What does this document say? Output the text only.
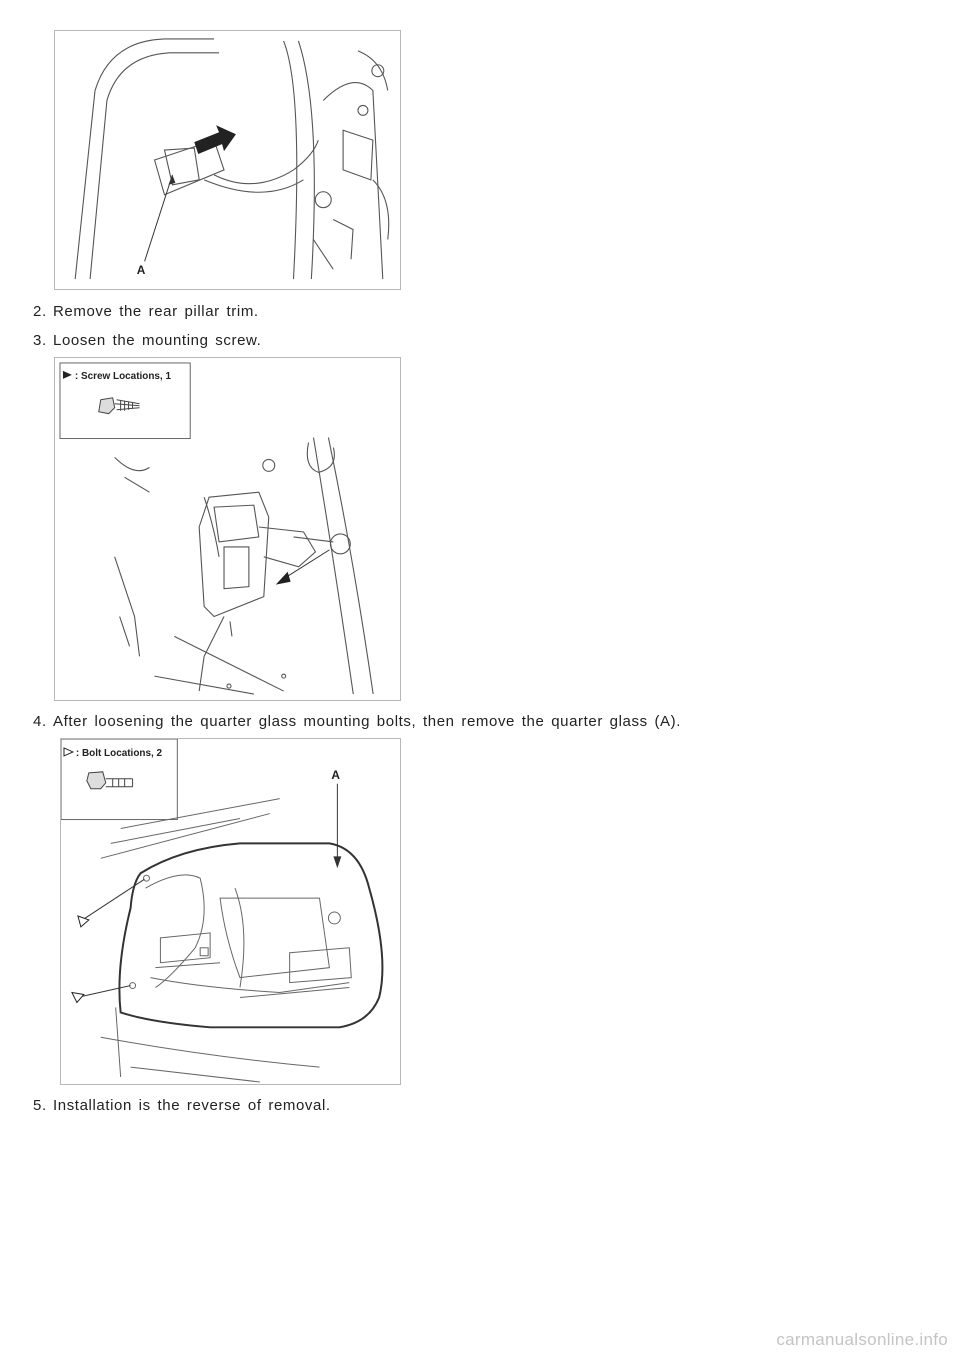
A
2. Remove the rear pillar trim.
3. Loosen the mounting screw.
: Screw Locations, 1
4. After loosening the quarter glass mounting bolts, then remove the quarter glass (A).
: Bolt Locations, 2
A
5. Installation is the reverse of removal.
carmanualsonline.info
